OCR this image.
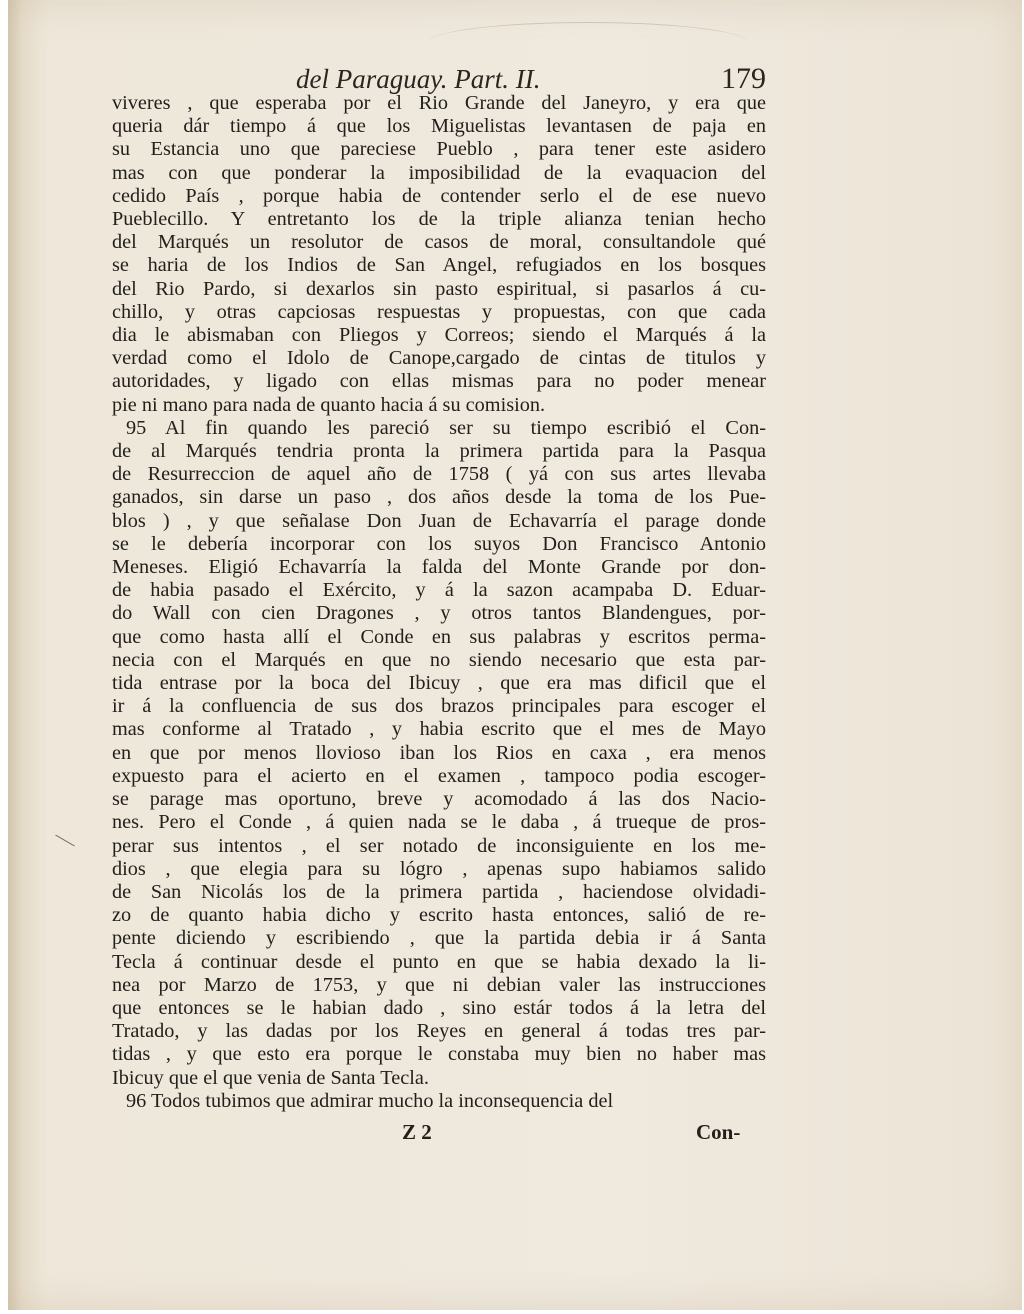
del Paraguay. Part. II.	179
viveres , que esperaba por el Rio Grande del Janeyro, y era que
queria dár tiempo á que los Miguelistas levantasen de paja en
su Estancia uno que pareciese Pueblo , para tener este asidero
mas con que ponderar la imposibilidad de la evaquacion del
cedido País , porque habia de contender serlo el de ese nuevo
Pueblecillo. Y entretanto los de la triple alianza tenian hecho
del Marqués un resolutor de casos de moral, consultandole qué
se haria de los Indios de San Angel, refugiados en los bosques
del Rio Pardo, si dexarlos sin pasto espiritual, si pasarlos á cu-
chillo, y otras capciosas respuestas y propuestas, con que cada
dia le abismaban con Pliegos y Correos; siendo el Marqués á la
verdad como el Idolo de Canope,cargado de cintas de titulos y
autoridades, y ligado con ellas mismas para no poder menear
pie ni mano para nada de quanto hacia á su comision.
95 Al fin quando les pareció ser su tiempo escribió el Con-
de al Marqués tendria pronta la primera partida para la Pasqua
de Resurreccion de aquel año de 1758 ( yá con sus artes llevaba
ganados, sin darse un paso , dos años desde la toma de los Pue-
blos ) , y que señalase Don Juan de Echavarría el parage donde
se le debería incorporar con los suyos Don Francisco Antonio
Meneses. Eligió Echavarría la falda del Monte Grande por don-
de habia pasado el Exército, y á la sazon acampaba D. Eduar-
do Wall con cien Dragones , y otros tantos Blandengues, por-
que como hasta allí el Conde en sus palabras y escritos perma-
necia con el Marqués en que no siendo necesario que esta par-
tida entrase por la boca del Ibicuy , que era mas dificil que el
ir á la confluencia de sus dos brazos principales para escoger el
mas conforme al Tratado , y habia escrito que el mes de Mayo
en que por menos llovioso iban los Rios en caxa , era menos
expuesto para el acierto en el examen , tampoco podia escoger-
se parage mas oportuno, breve y acomodado á las dos Nacio-
nes. Pero el Conde , á quien nada se le daba , á trueque de pros-
perar sus intentos , el ser notado de inconsiguiente en los me-
dios , que elegia para su lógro , apenas supo habiamos salido
de San Nicolás los de la primera partida , haciendose olvidadi-
zo de quanto habia dicho y escrito hasta entonces, salió de re-
pente diciendo y escribiendo , que la partida debia ir á Santa
Tecla á continuar desde el punto en que se habia dexado la li-
nea por Marzo de 1753, y que ni debian valer las instrucciones
que entonces se le habian dado , sino estár todos á la letra del
Tratado, y las dadas por los Reyes en general á todas tres par-
tidas , y que esto era porque le constaba muy bien no haber mas
Ibicuy que el que venia de Santa Tecla.
96 Todos tubimos que admirar mucho la inconsequencia del
Z 2	Con-
